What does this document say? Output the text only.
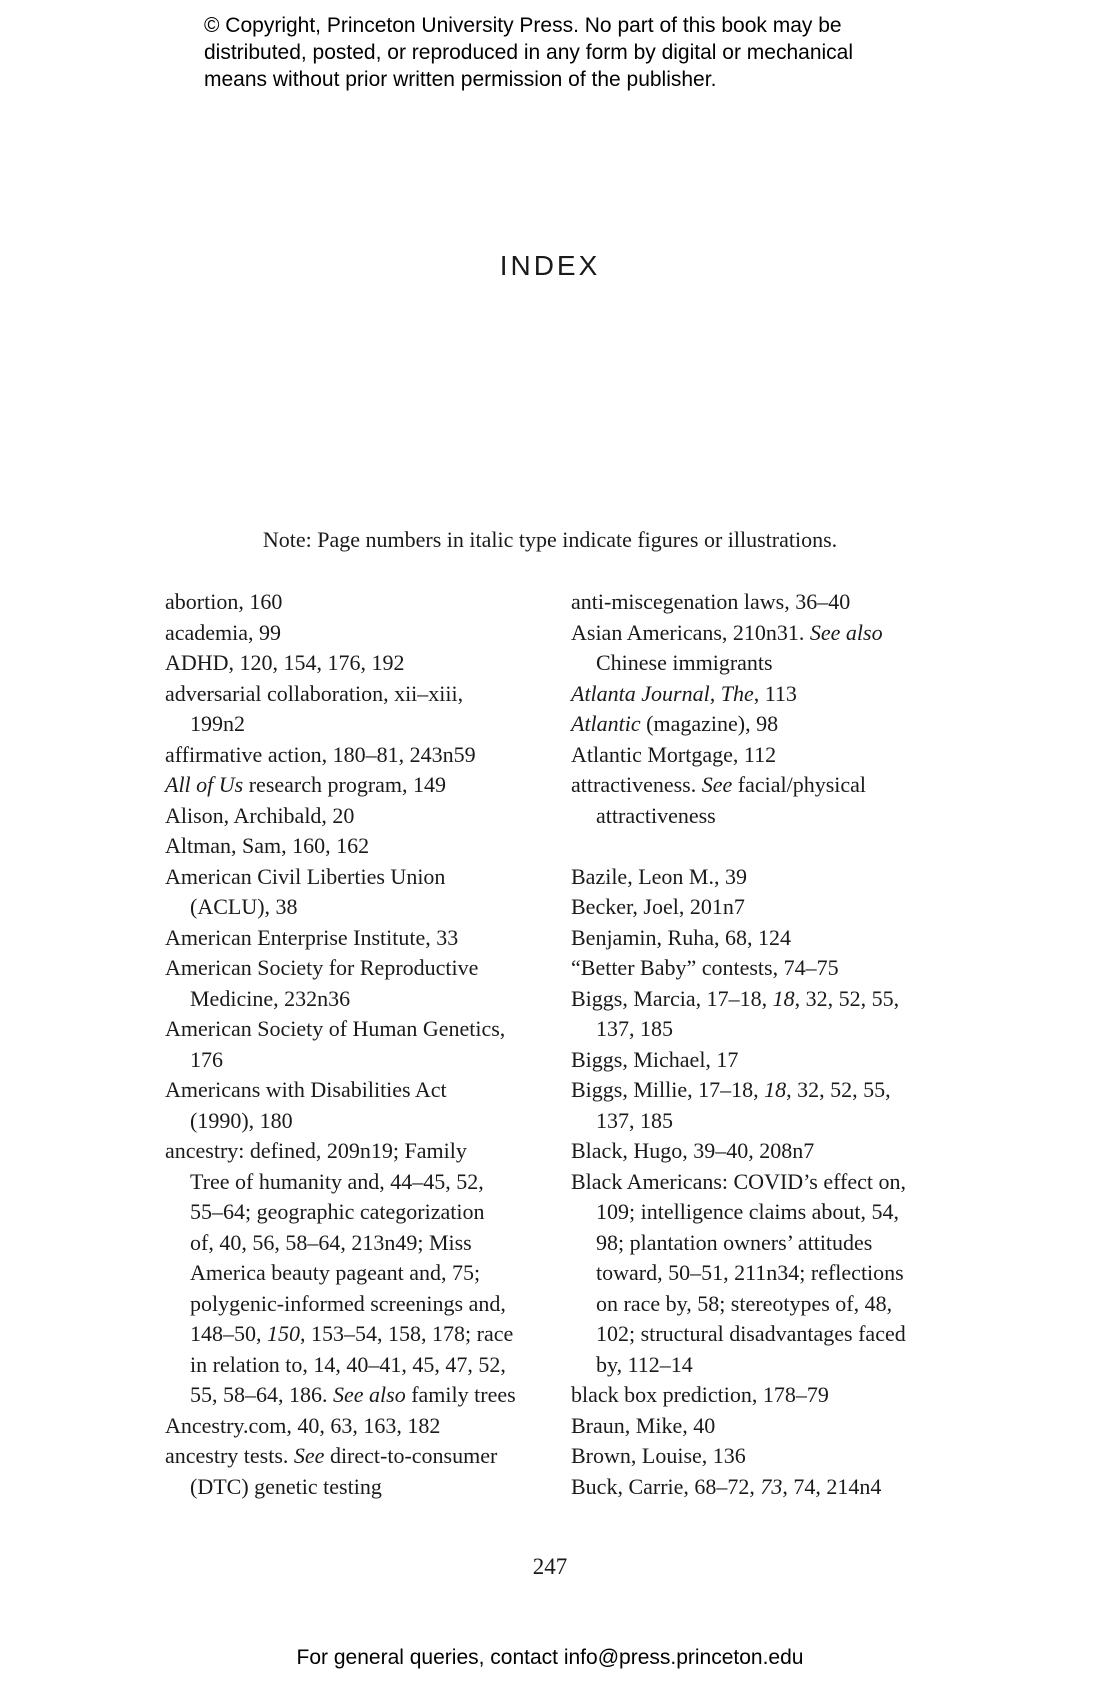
© Copyright, Princeton University Press. No part of this book may be
distributed, posted, or reproduced in any form by digital or mechanical
means without prior written permission of the publisher.
INDEX
Note: Page numbers in italic type indicate figures or illustrations.
abortion, 160
academia, 99
ADHD, 120, 154, 176, 192
adversarial collaboration, xii–xiii,
199n2
affirmative action, 180–81, 243n59
All of Us research program, 149
Alison, Archibald, 20
Altman, Sam, 160, 162
American Civil Liberties Union
(ACLU), 38
American Enterprise Institute, 33
American Society for Reproductive
Medicine, 232n36
American Society of Human Genetics,
176
Americans with Disabilities Act
(1990), 180
ancestry: defined, 209n19; Family
Tree of humanity and, 44–45, 52,
55–64; geographic categorization
of, 40, 56, 58–64, 213n49; Miss
America beauty pageant and, 75;
polygenic-informed screenings and,
148–50, 150, 153–54, 158, 178; race
in relation to, 14, 40–41, 45, 47, 52,
55, 58–64, 186. See also family trees
Ancestry.com, 40, 63, 163, 182
ancestry tests. See direct-to-consumer
(DTC) genetic testing
anti-miscegenation laws, 36–40
Asian Americans, 210n31. See also
Chinese immigrants
Atlanta Journal, The, 113
Atlantic (magazine), 98
Atlantic Mortgage, 112
attractiveness. See facial/physical
attractiveness
Bazile, Leon M., 39
Becker, Joel, 201n7
Benjamin, Ruha, 68, 124
“Better Baby” contests, 74–75
Biggs, Marcia, 17–18, 18, 32, 52, 55,
137, 185
Biggs, Michael, 17
Biggs, Millie, 17–18, 18, 32, 52, 55,
137, 185
Black, Hugo, 39–40, 208n7
Black Americans: COVID’s effect on,
109; intelligence claims about, 54,
98; plantation owners’ attitudes
toward, 50–51, 211n34; reflections
on race by, 58; stereotypes of, 48,
102; structural disadvantages faced
by, 112–14
black box prediction, 178–79
Braun, Mike, 40
Brown, Louise, 136
Buck, Carrie, 68–72, 73, 74, 214n4
247
For general queries, contact info@press.princeton.edu
